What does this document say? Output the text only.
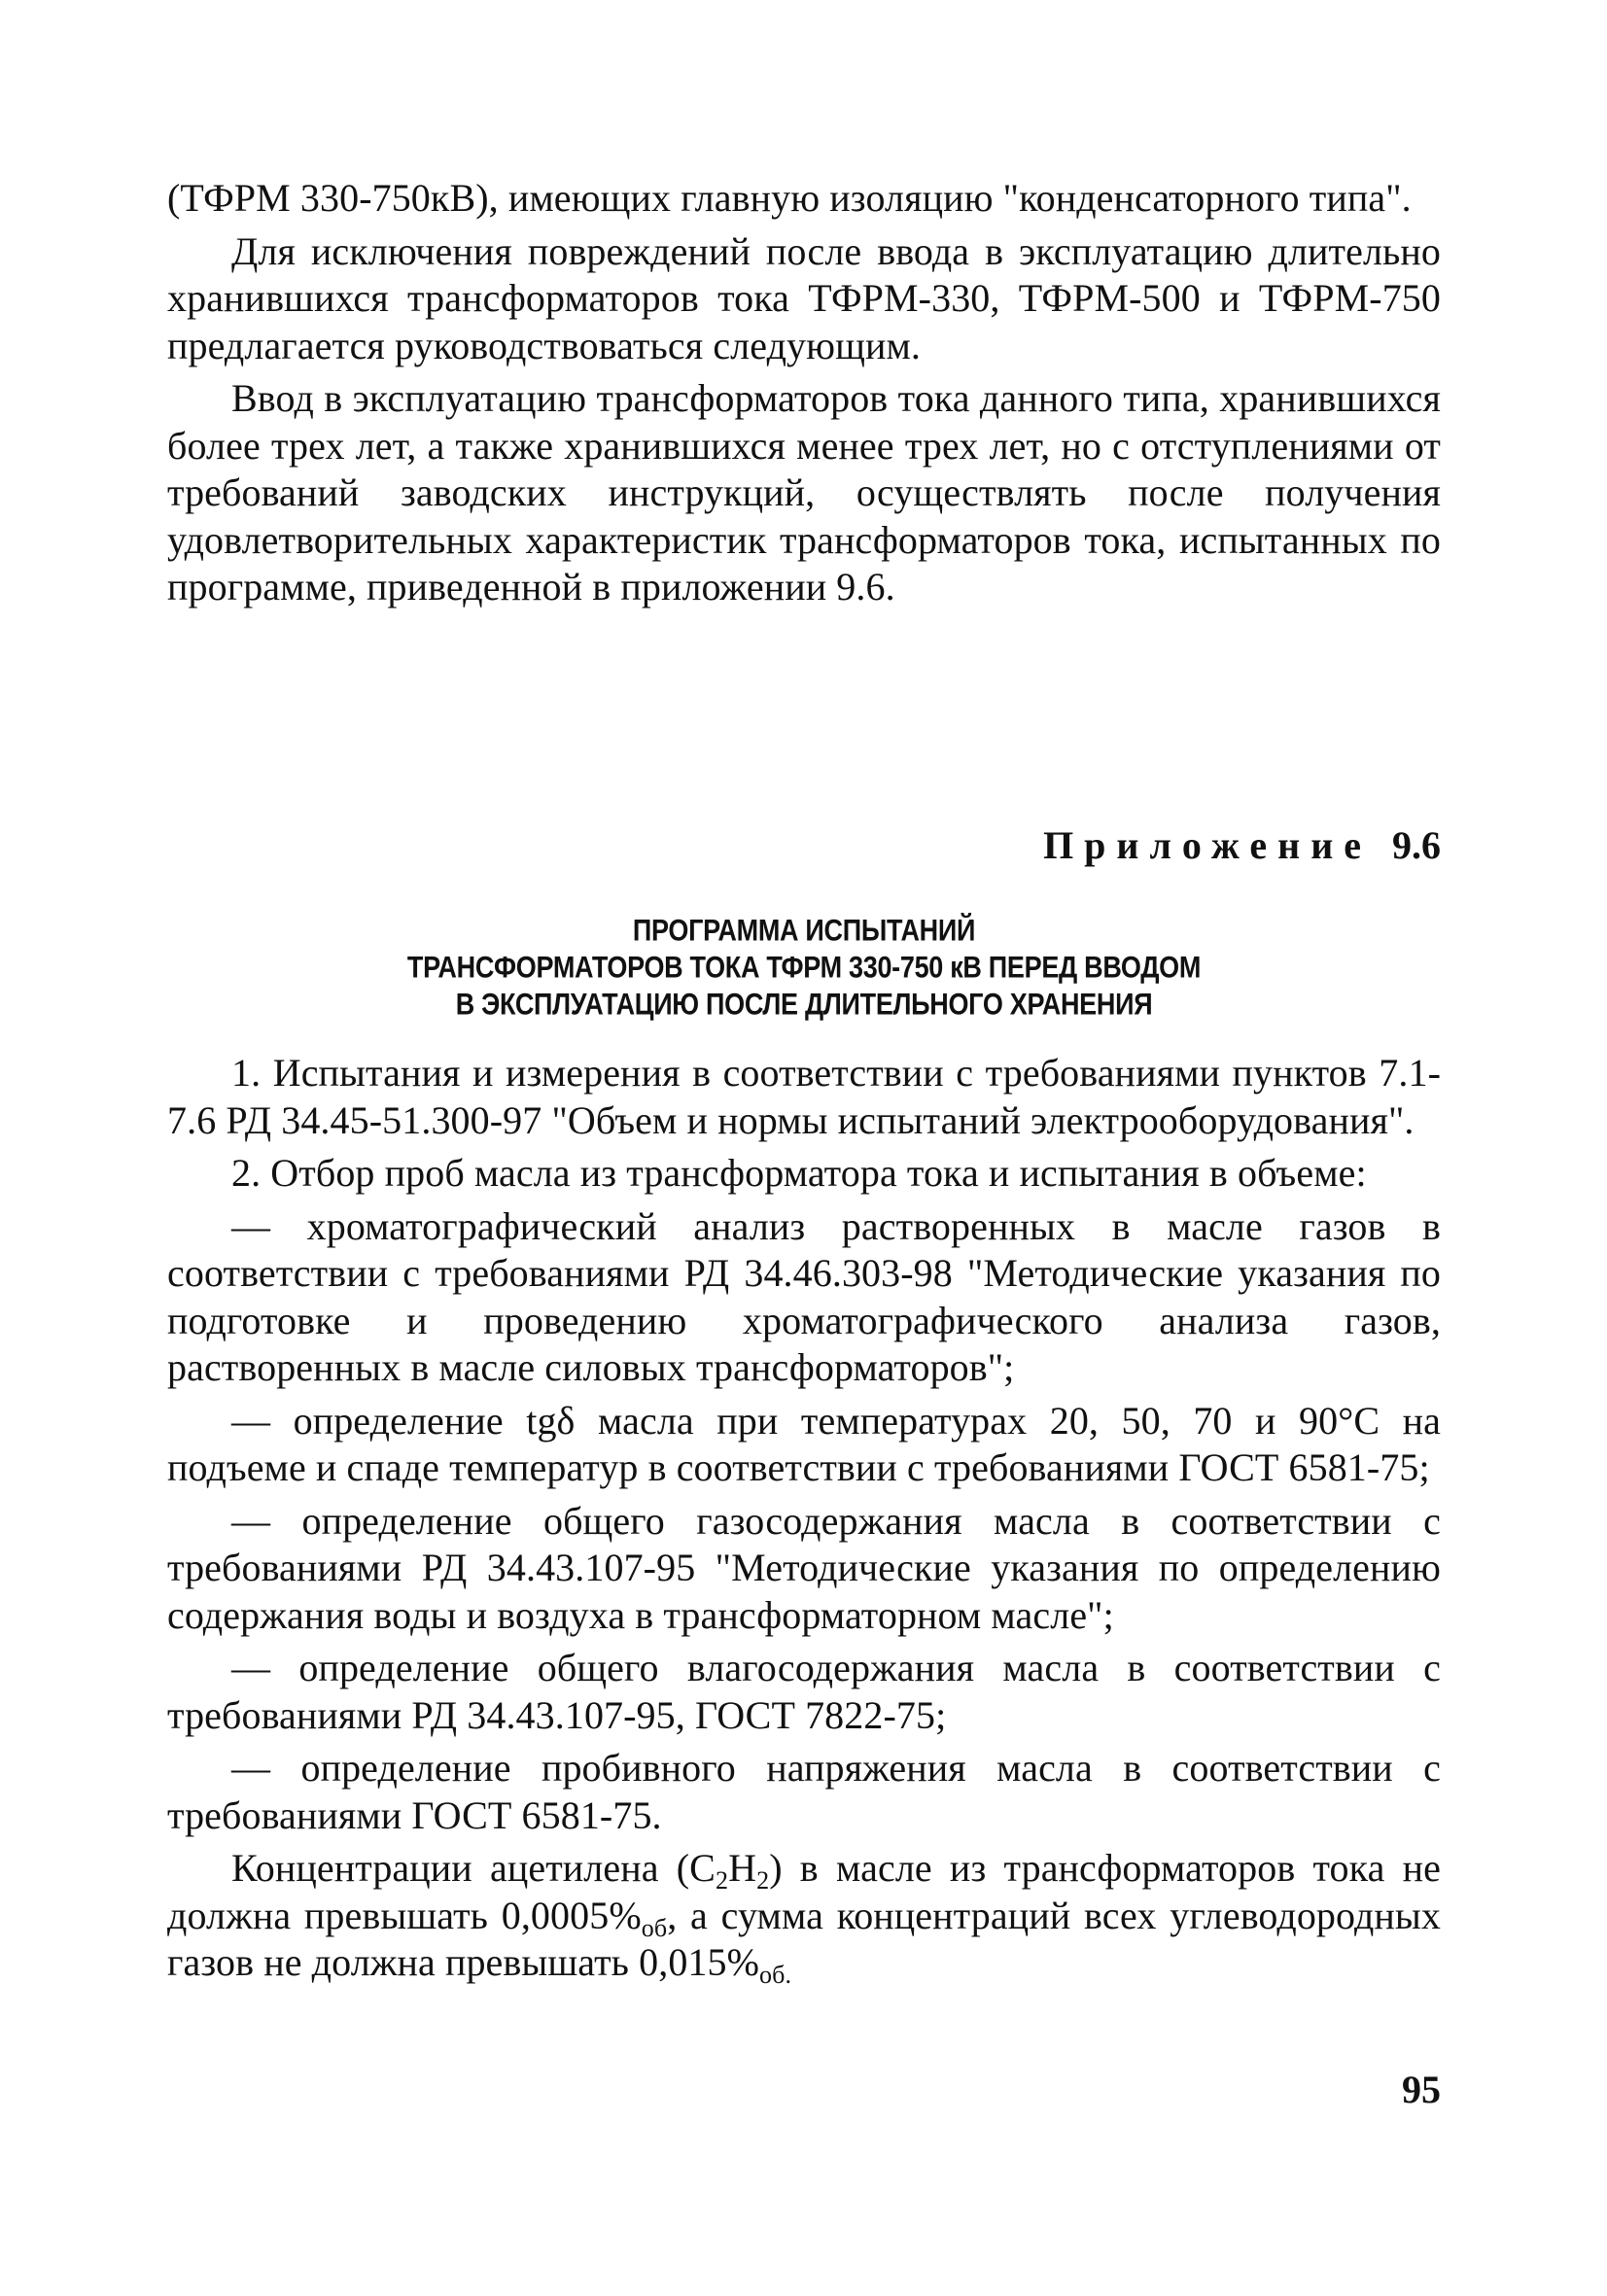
(ТФРМ 330-750кВ), имеющих главную изоляцию "конденсаторного типа".

Для исключения повреждений после ввода в эксплуатацию длительно хранившихся трансформаторов тока ТФРМ-330, ТФРМ-500 и ТФРМ-750 предлагается руководствоваться следующим.

Ввод в эксплуатацию трансформаторов тока данного типа, хранившихся более трех лет, а также хранившихся менее трех лет, но с отступлениями от требований заводских инструкций, осуществлять после получения удовлетворительных характеристик трансформаторов тока, испытанных по программе, приведенной в приложении 9.6.

Приложение 9.6

ПРОГРАММА ИСПЫТАНИЙ
ТРАНСФОРМАТОРОВ ТОКА ТФРМ 330-750 кВ ПЕРЕД ВВОДОМ
В ЭКСПЛУАТАЦИЮ ПОСЛЕ ДЛИТЕЛЬНОГО ХРАНЕНИЯ

1. Испытания и измерения в соответствии с требованиями пунктов 7.1-7.6 РД 34.45-51.300-97 "Объем и нормы испытаний электрооборудования".

2. Отбор проб масла из трансформатора тока и испытания в объеме:

— хроматографический анализ растворенных в масле газов в соответствии с требованиями РД 34.46.303-98 "Методические указания по подготовке и проведению хроматографического анализа газов, растворенных в масле силовых трансформаторов";

— определение tgδ масла при температурах 20, 50, 70 и 90°С на подъеме и спаде температур в соответствии с требованиями ГОСТ 6581-75;

— определение общего газосодержания масла в соответствии с требованиями РД 34.43.107-95 "Методические указания по определению содержания воды и воздуха в трансформаторном масле";

— определение общего влагосодержания масла в соответствии с требованиями РД 34.43.107-95, ГОСТ 7822-75;

— определение пробивного напряжения масла в соответствии с требованиями ГОСТ 6581-75.

Концентрации ацетилена $(C_2H_2)$ в масле из трансформаторов тока не должна превышать $0,0005\%_{об}$, а сумма концентраций всех углеводородных газов не должна превышать $0,015\%_{об.}$

95
